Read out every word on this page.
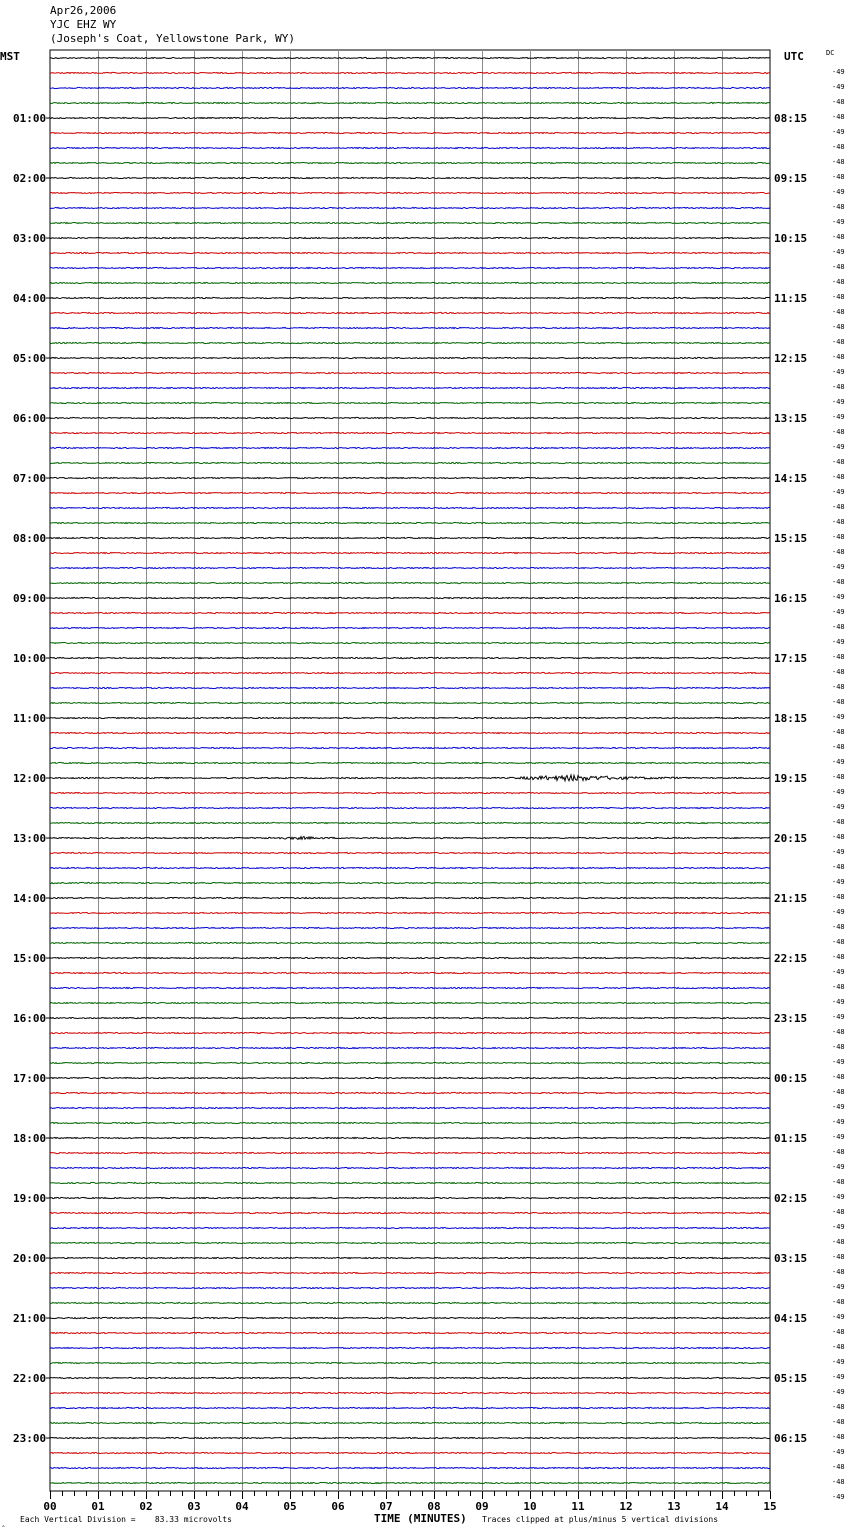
Apr26,2006
YJC EHZ WY
(Joseph's Coat, Yellowstone Park, WY)
MST	UTC	DC
-49
-49
-48
-48
-49
-48
-48
-48
-49
-48
-49
-48
-49
-48
-48
-48
-48
-48
-48
-48
-49
-48
-49
-49
-48
-49
-48
-48
-49
-48
-48
-48
-48
-49
-48
-49
-49
-48
-49
-48
-48
-48
-48
-49
-48
-48
-49
-48
-49
-49
-48
-48
-49
-48
-49
-48
-49
-48
-48
-48
-49
-48
-49
-49
-48
-48
-49
-48
-48
-49
-49
-49
-48
-49
-48
-49
-48
-49
-48
-48
-48
-49
-48
-49
-48
-48
-49
-49
-49
-48
-48
-48
-49
-48
-48
-49
01:00
02:00
03:00
04:00
05:00
06:00
07:00
08:00
09:00
10:00
11:00
12:00
13:00
14:00
15:00
16:00
17:00
18:00
19:00
20:00
21:00
22:00
23:00
08:15
09:15
10:15
11:15
12:15
13:15
14:15
15:15
16:15
17:15
18:15
19:15
20:15
21:15
22:15
23:15
00:15
01:15
02:15
03:15
04:15
05:15
06:15
00	01	02	03	04	05	06	07	08	09	10	11	12	13	14	15
Each Vertical Division =    83.33 microvolts	TIME (MINUTES) Traces clipped at plus/minus 5 vertical divisions
‸
